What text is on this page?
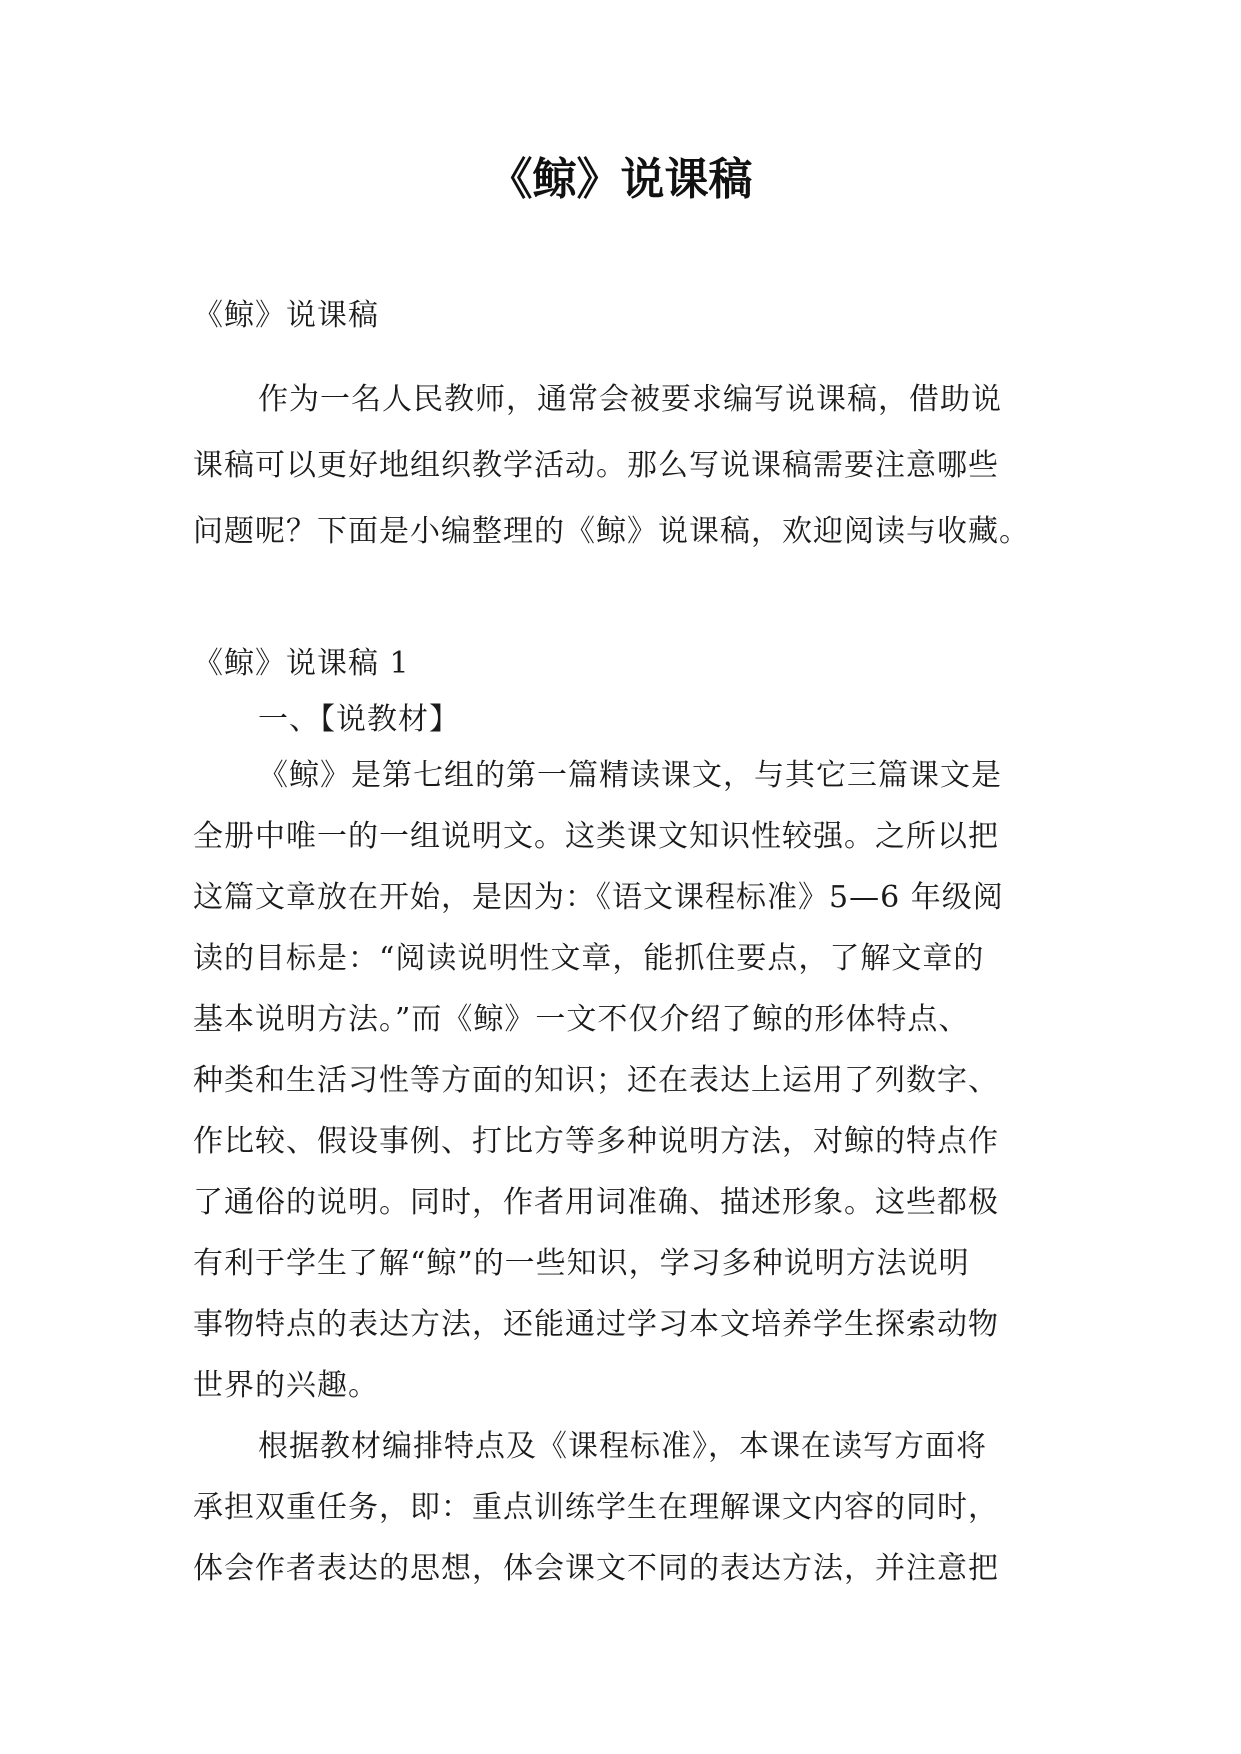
《鲸》说课稿

《鲸》说课稿

作为一名人民教师，通常会被要求编写说课稿，借助说

课稿可以更好地组织教学活动。那么写说课稿需要注意哪些

问题呢？下面是小编整理的《鲸》说课稿，欢迎阅读与收藏。

《鲸》说课稿 1

一、【说教材】

《鲸》是第七组的第一篇精读课文，与其它三篇课文是

全册中唯一的一组说明文。这类课文知识性较强。之所以把

这篇文章放在开始，是因为：《语文课程标准》5—6 年级阅

读的目标是：“阅读说明性文章，能抓住要点，了解文章的

基本说明方法。”而《鲸》一文不仅介绍了鲸的形体特点、

种类和生活习性等方面的知识；还在表达上运用了列数字、

作比较、假设事例、打比方等多种说明方法，对鲸的特点作

了通俗的说明。同时，作者用词准确、描述形象。这些都极

有利于学生了解“鲸”的一些知识，学习多种说明方法说明

事物特点的表达方法，还能通过学习本文培养学生探索动物

世界的兴趣。

根据教材编排特点及《课程标准》，本课在读写方面将

承担双重任务，即：重点训练学生在理解课文内容的同时，

体会作者表达的思想，体会课文不同的表达方法，并注意把
